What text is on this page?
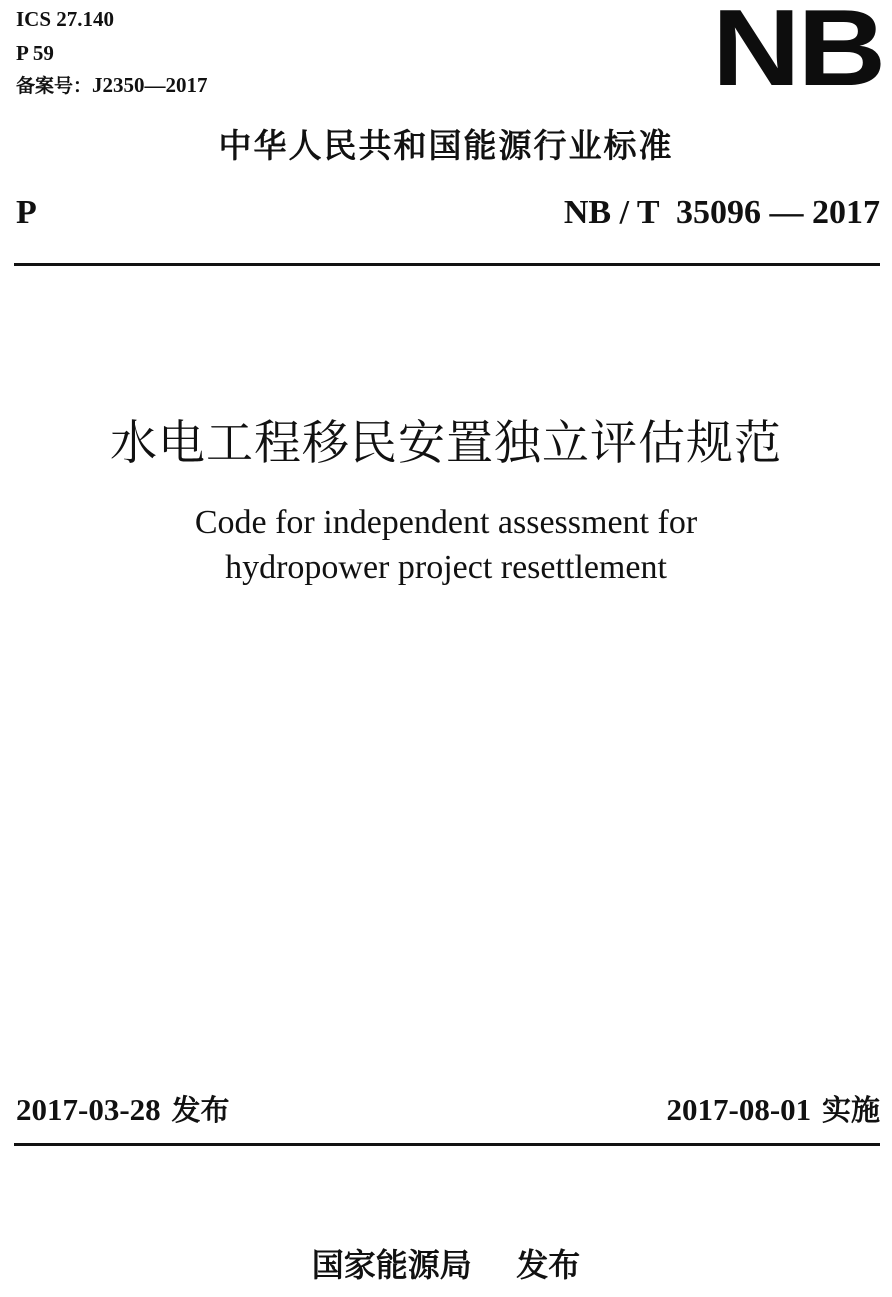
ICS 27.140
P 59
备案号：J2350—2017	NB
中华人民共和国能源行业标准
P	NB / T  35096 — 2017
水电工程移民安置独立评估规范
Code for independent assessment for
hydropower project resettlement
2017-03-28 发布	2017-08-01 实施
国家能源局 发布
